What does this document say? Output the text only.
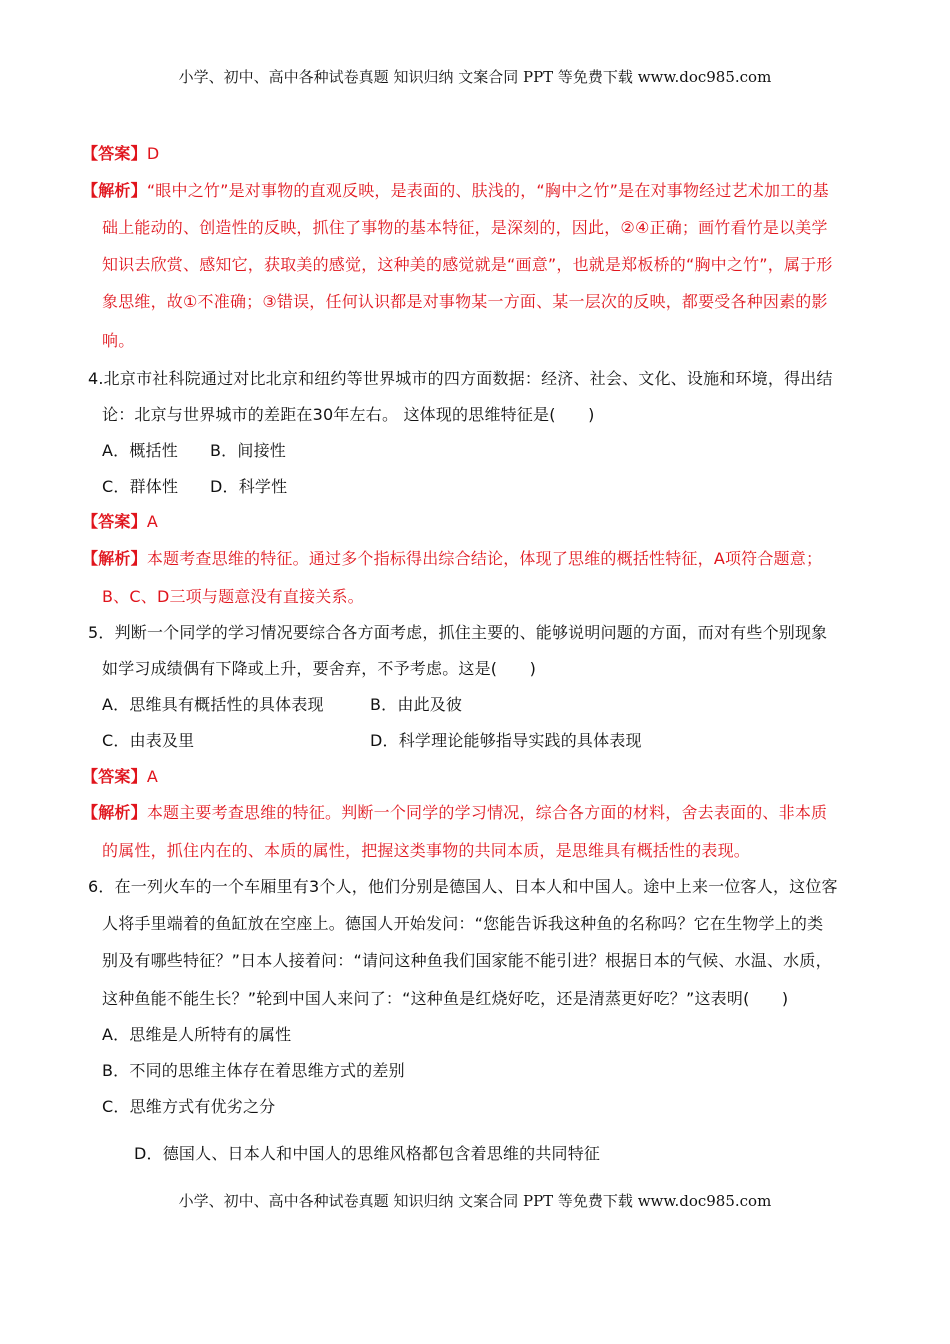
小学、初中、高中各种试卷真题 知识归纳 文案合同 PPT 等免费下载 www.doc985.com
【答案】D
【解析】“眼中之竹”是对事物的直观反映，是表面的、肤浅的，“胸中之竹”是在对事物经过艺术加工的基
础上能动的、创造性的反映，抓住了事物的基本特征，是深刻的，因此，②④正确；画竹看竹是以美学
知识去欣赏、感知它，获取美的感觉，这种美的感觉就是“画意”，也就是郑板桥的“胸中之竹”，属于形
象思维，故①不准确；③错误，任何认识都是对事物某一方面、某一层次的反映，都要受各种因素的影
响。
4.北京市社科院通过对比北京和纽约等世界城市的四方面数据：经济、社会、文化、设施和环境，得出结
论：北京与世界城市的差距在30年左右。 这体现的思维特征是(　　)
A．概括性 B．间接性
C．群体性 D．科学性
【答案】A
【解析】本题考查思维的特征。通过多个指标得出综合结论，体现了思维的概括性特征，A项符合题意；
B、C、D三项与题意没有直接关系。
5．判断一个同学的学习情况要综合各方面考虑，抓住主要的、能够说明问题的方面，而对有些个别现象
如学习成绩偶有下降或上升，要舍弃，不予考虑。这是(　　)
A．思维具有概括性的具体表现	B．由此及彼
C．由表及里	D．科学理论能够指导实践的具体表现
【答案】A
【解析】本题主要考查思维的特征。判断一个同学的学习情况，综合各方面的材料，舍去表面的、非本质
的属性，抓住内在的、本质的属性，把握这类事物的共同本质，是思维具有概括性的表现。
6．在一列火车的一个车厢里有3个人，他们分别是德国人、日本人和中国人。途中上来一位客人，这位客
人将手里端着的鱼缸放在空座上。德国人开始发问：“您能告诉我这种鱼的名称吗？它在生物学上的类
别及有哪些特征？”日本人接着问：“请问这种鱼我们国家能不能引进？根据日本的气候、水温、水质，
这种鱼能不能生长？”轮到中国人来问了：“这种鱼是红烧好吃，还是清蒸更好吃？”这表明(　　)
A．思维是人所特有的属性
B．不同的思维主体存在着思维方式的差别
C．思维方式有优劣之分
D．德国人、日本人和中国人的思维风格都包含着思维的共同特征
小学、初中、高中各种试卷真题 知识归纳 文案合同 PPT 等免费下载 www.doc985.com
